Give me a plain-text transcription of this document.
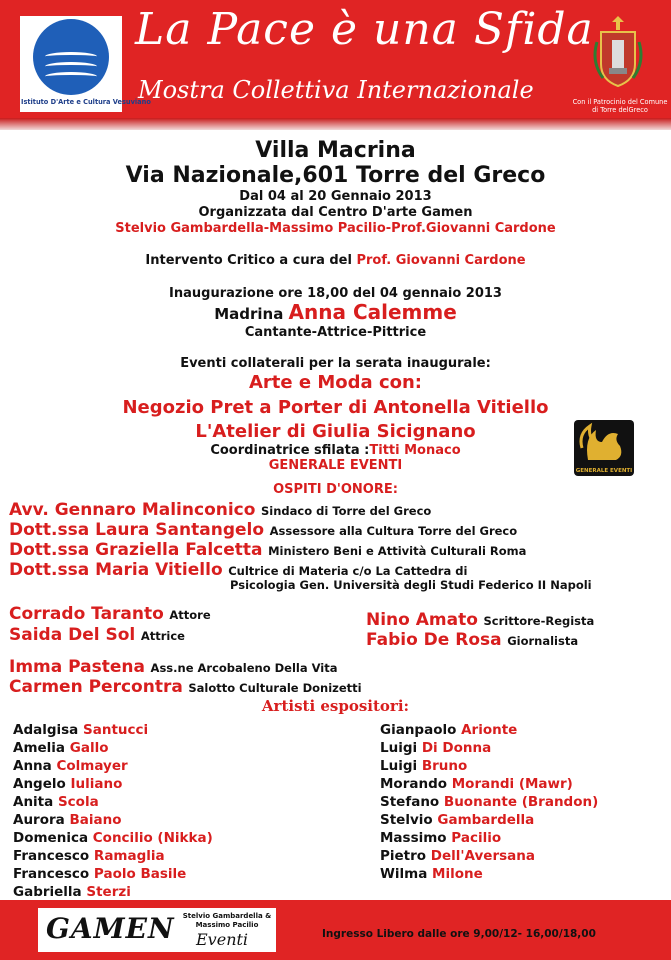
Istituto D'Arte e Cultura Vesuviano
La Pace è una Sfida
Mostra Collettiva Internazionale	Con il Patrocinio del Comune di Torre delGreco
Villa Macrina
Via Nazionale,601 Torre del Greco
Dal 04 al 20 Gennaio 2013
Organizzata dal Centro D'arte Gamen
Stelvio Gambardella-Massimo Pacilio-Prof.Giovanni Cardone
Intervento Critico a cura del Prof. Giovanni Cardone
Inaugurazione ore 18,00 del 04 gennaio 2013
Madrina Anna Calemme
Cantante-Attrice-Pittrice
Eventi collaterali per la serata inaugurale:
Arte e Moda con:
Negozio Pret a Porter di Antonella Vitiello
L'Atelier di Giulia Sicignano
Coordinatrice sfilata :Titti Monaco
GENERALE EVENTI	GENERALE EVENTI
OSPITI D'ONORE:
Avv. Gennaro Malinconico Sindaco di Torre del Greco
Dott.ssa Laura Santangelo Assessore alla Cultura Torre del Greco
Dott.ssa Graziella Falcetta Ministero Beni e Attività Culturali Roma
Dott.ssa Maria Vitiello Cultrice di Materia c/o La Cattedra di
Psicologia Gen. Università degli Studi Federico II Napoli
Corrado Taranto Attore
Saida Del Sol Attrice
Nino Amato Scrittore-Regista
Fabio De Rosa Giornalista
Imma Pastena Ass.ne Arcobaleno Della Vita
Carmen Percontra Salotto Culturale Donizetti
Artisti espositori:
Adalgisa Santucci
Amelia Gallo
Anna Colmayer
Angelo Iuliano
Anita Scola
Aurora Baiano
Domenica Concilio (Nikka)
Francesco Ramaglia
Francesco Paolo Basile
Gabriella Sterzi
Gianpaolo Arionte
Luigi Di Donna
Luigi Bruno
Morando Morandi (Mawr)
Stefano Buonante (Brandon)
Stelvio Gambardella
Massimo Pacilio
Pietro Dell'Aversana
Wilma Milone
GAMEN Stelvio Gambardella & Massimo Pacilio
Eventi	Ingresso Libero dalle ore 9,00/12- 16,00/18,00
